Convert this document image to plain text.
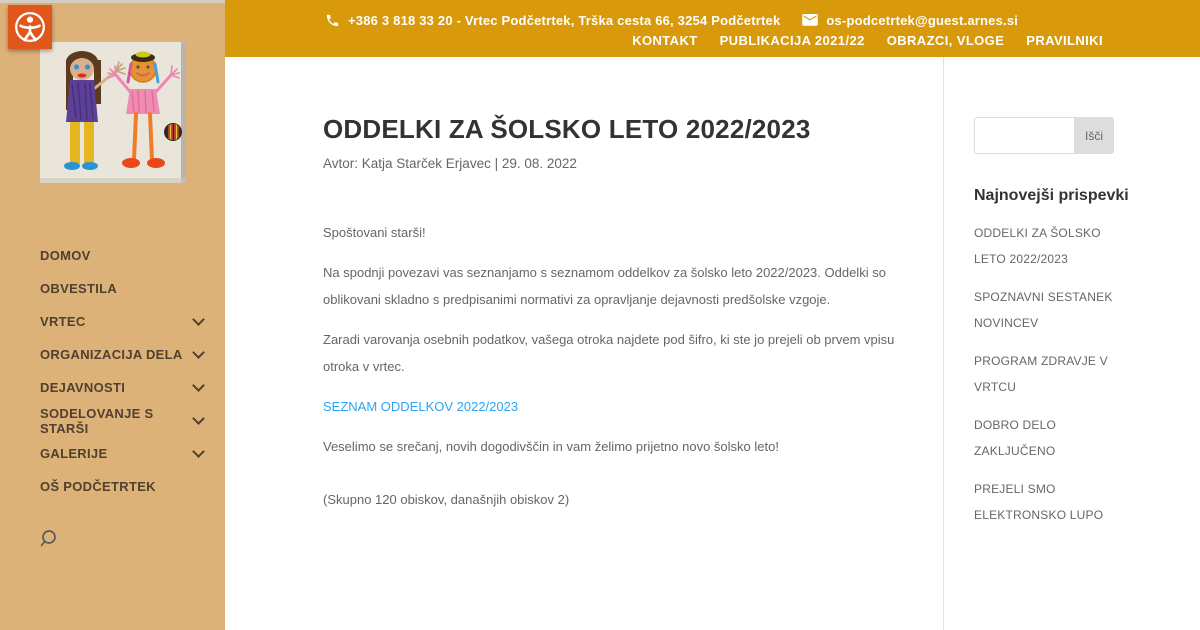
DOMOV
OBVESTILA
VRTEC
ORGANIZACIJA DELA
DEJAVNOSTI
SODELOVANJE S STARŠI
GALERIJE
OŠ PODČETRTEK
+386 3 818 33 20 - Vrtec Podčetrtek, Trška cesta 66, 3254 Podčetrtek	os-podcetrtek@guest.arnes.si
KONTAKT PUBLIKACIJA 2021/22 OBRAZCI, VLOGE PRAVILNIKI
ODDELKI ZA ŠOLSKO LETO 2022/2023
Avtor: Katja Starček Erjavec | 29. 08. 2022

Spoštovani starši!

Na spodnji povezavi vas seznanjamo s seznamom oddelkov za šolsko leto 2022/2023. Oddelki so oblikovani skladno s predpisanimi normativi za opravljanje dejavnosti predšolske vzgoje.

Zaradi varovanja osebnih podatkov, vašega otroka najdete pod šifro, ki ste jo prejeli ob prvem vpisu otroka v vrtec.

SEZNAM ODDELKOV 2022/2023

Veselimo se srečanj, novih dogodivščin in vam želimo prijetno novo šolsko leto!

(Skupno 120 obiskov, današnjih obiskov 2)

Išči
Najnovejši prispevki
ODDELKI ZA ŠOLSKO LETO 2022/2023
SPOZNAVNI SESTANEK NOVINCEV
PROGRAM ZDRAVJE V VRTCU
DOBRO DELO ZAKLJUČENO
PREJELI SMO ELEKTRONSKO LUPO
